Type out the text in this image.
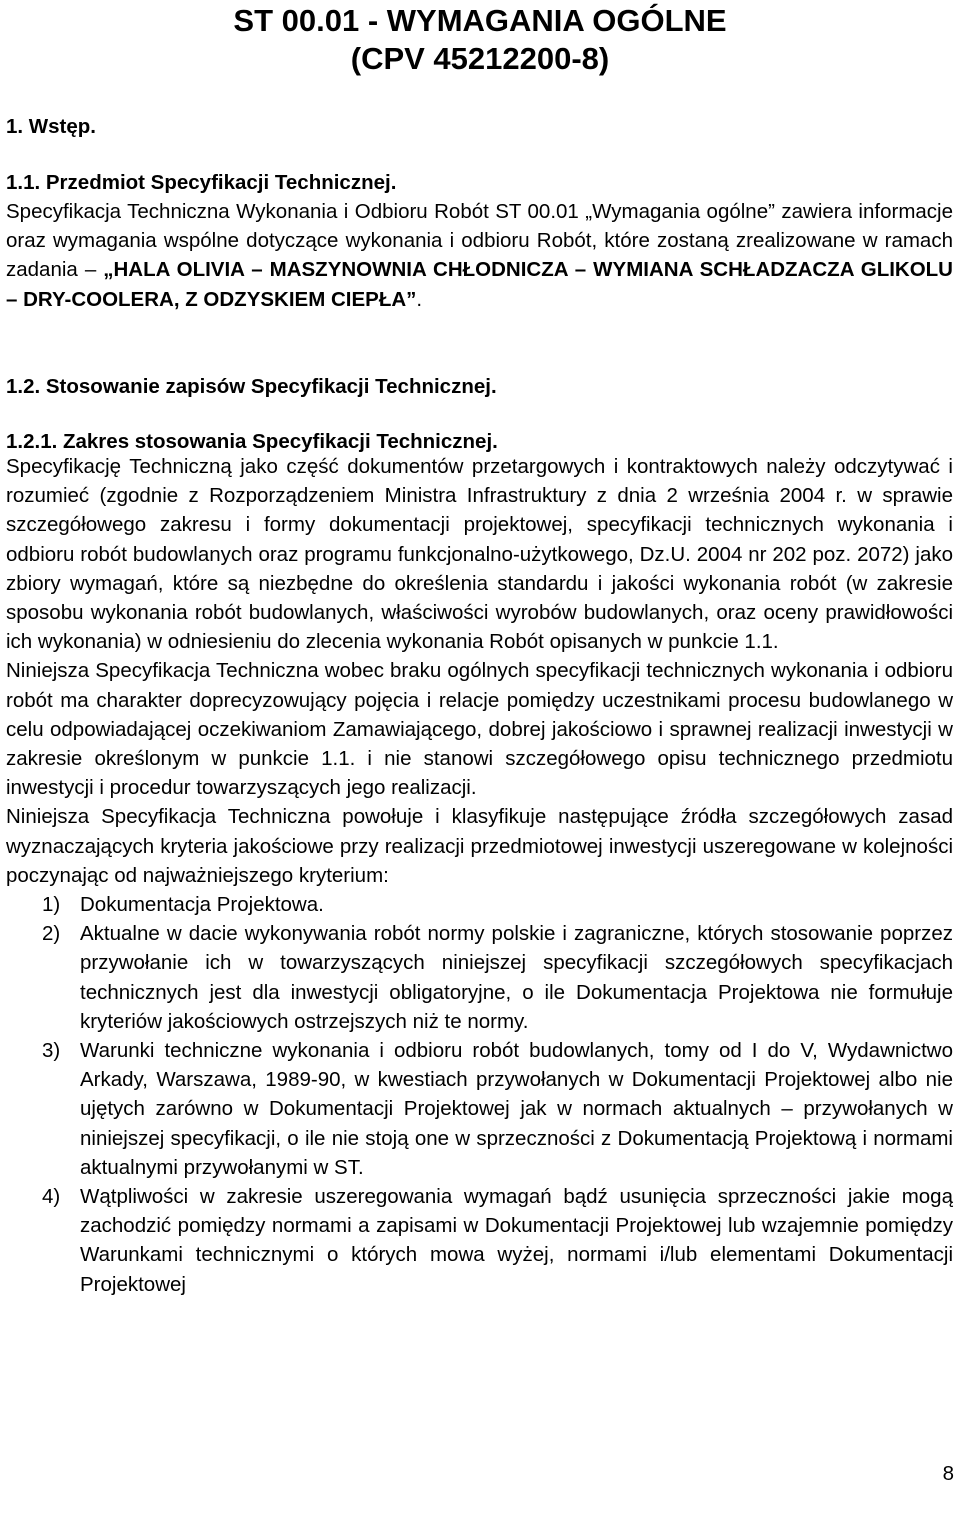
ST 00.01 - WYMAGANIA OGÓLNE
(CPV 45212200-8)
1. Wstęp.
1.1. Przedmiot Specyfikacji Technicznej.
Specyfikacja Techniczna Wykonania i Odbioru Robót ST 00.01 „Wymagania ogólne” zawiera informacje oraz wymagania wspólne dotyczące wykonania i odbioru Robót, które zostaną zrealizowane w ramach zadania – „HALA OLIVIA – MASZYNOWNIA CHŁODNICZA – WYMIANA SCHŁADZACZA GLIKOLU – DRY-COOLERA, Z ODZYSKIEM CIEPŁA”.
1.2. Stosowanie zapisów Specyfikacji Technicznej.
1.2.1. Zakres stosowania Specyfikacji Technicznej.

Specyfikację Techniczną jako część dokumentów przetargowych i kontraktowych należy odczytywać i rozumieć (zgodnie z Rozporządzeniem Ministra Infrastruktury z dnia 2 września 2004 r. w sprawie szczegółowego zakresu i formy dokumentacji projektowej, specyfikacji technicznych wykonania i odbioru robót budowlanych oraz programu funkcjonalno-użytkowego, Dz.U. 2004 nr 202 poz. 2072) jako zbiory wymagań, które są niezbędne do określenia standardu i jakości wykonania robót (w zakresie sposobu wykonania robót budowlanych, właściwości wyrobów budowlanych, oraz oceny prawidłowości ich wykonania) w odniesieniu do zlecenia wykonania Robót opisanych w punkcie 1.1.

Niniejsza Specyfikacja Techniczna wobec braku ogólnych specyfikacji technicznych wykonania i odbioru robót ma charakter doprecyzowujący pojęcia i relacje pomiędzy uczestnikami procesu budowlanego w celu odpowiadającej oczekiwaniom Zamawiającego, dobrej jakościowo i sprawnej realizacji inwestycji w zakresie określonym w punkcie 1.1. i nie stanowi szczegółowego opisu technicznego przedmiotu inwestycji i procedur towarzyszących jego realizacji.

Niniejsza Specyfikacja Techniczna powołuje i klasyfikuje następujące źródła szczegółowych zasad wyznaczających kryteria jakościowe przy realizacji przedmiotowej inwestycji uszeregowane w kolejności poczynając od najważniejszego kryterium:

1) Dokumentacja Projektowa.
2) Aktualne w dacie wykonywania robót normy polskie i zagraniczne, których stosowanie poprzez przywołanie ich w towarzyszących niniejszej specyfikacji szczegółowych specyfikacjach technicznych jest dla inwestycji obligatoryjne, o ile Dokumentacja Projektowa nie formułuje kryteriów jakościowych ostrzejszych niż te normy.
3) Warunki techniczne wykonania i odbioru robót budowlanych, tomy od I do V, Wydawnictwo Arkady, Warszawa, 1989-90, w kwestiach przywołanych w Dokumentacji Projektowej albo nie ujętych zarówno w Dokumentacji Projektowej jak w normach aktualnych – przywołanych w niniejszej specyfikacji, o ile nie stoją one w sprzeczności z Dokumentacją Projektową i normami aktualnymi przywołanymi w ST.
4) Wątpliwości w zakresie uszeregowania wymagań bądź usunięcia sprzeczności jakie mogą zachodzić pomiędzy normami a zapisami w Dokumentacji Projektowej lub wzajemnie pomiędzy Warunkami technicznymi o których mowa wyżej, normami i/lub elementami Dokumentacji Projektowej
8
